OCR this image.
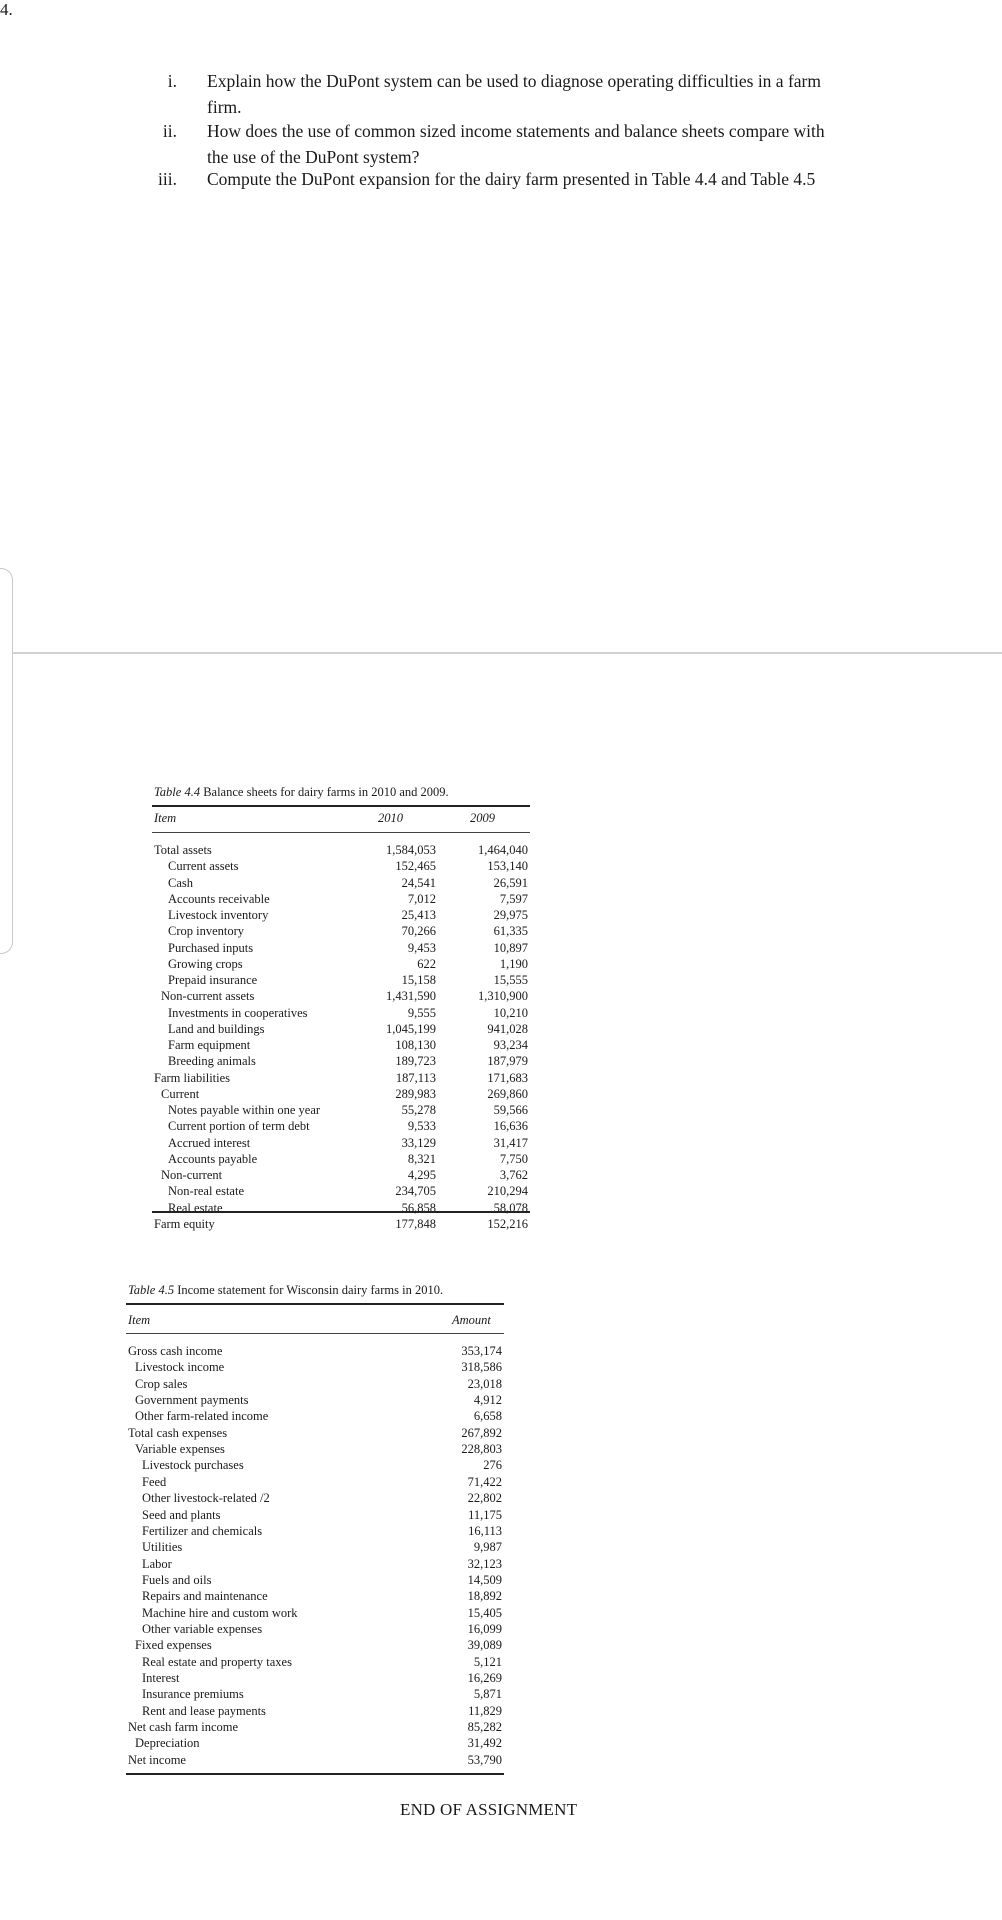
4.
i. Explain how the DuPont system can be used to diagnose operating difficulties in a farm
firm.
ii. How does the use of common sized income statements and balance sheets compare with
the use of the DuPont system?
iii. Compute the DuPont expansion for the dairy farm presented in Table 4.4 and Table 4.5
Table 4.4 Balance sheets for dairy farms in 2010 and 2009.
Item	2010	2009
Total assets	1,584,053	1,464,040
Current assets	152,465	153,140
Cash	24,541	26,591
Accounts receivable	7,012	7,597
Livestock inventory	25,413	29,975
Crop inventory	70,266	61,335
Purchased inputs	9,453	10,897
Growing crops	622	1,190
Prepaid insurance	15,158	15,555
Non-current assets	1,431,590	1,310,900
Investments in cooperatives	9,555	10,210
Land and buildings	1,045,199	941,028
Farm equipment	108,130	93,234
Breeding animals	189,723	187,979
Farm liabilities	187,113	171,683
Current	289,983	269,860
Notes payable within one year	55,278	59,566
Current portion of term debt	9,533	16,636
Accrued interest	33,129	31,417
Accounts payable	8,321	7,750
Non-current	4,295	3,762
Non-real estate	234,705	210,294
Real estate	56,858	58,078
Farm equity	177,848	152,216
Table 4.5 Income statement for Wisconsin dairy farms in 2010.
Item	Amount
Gross cash income	353,174
Livestock income	318,586
Crop sales	23,018
Government payments	4,912
Other farm-related income	6,658
Total cash expenses	267,892
Variable expenses	228,803
Livestock purchases	276
Feed	71,422
Other livestock-related /2	22,802
Seed and plants	11,175
Fertilizer and chemicals	16,113
Utilities	9,987
Labor	32,123
Fuels and oils	14,509
Repairs and maintenance	18,892
Machine hire and custom work	15,405
Other variable expenses	16,099
Fixed expenses	39,089
Real estate and property taxes	5,121
Interest	16,269
Insurance premiums	5,871
Rent and lease payments	11,829
Net cash farm income	85,282
Depreciation	31,492
Net income	53,790
END OF ASSIGNMENT
